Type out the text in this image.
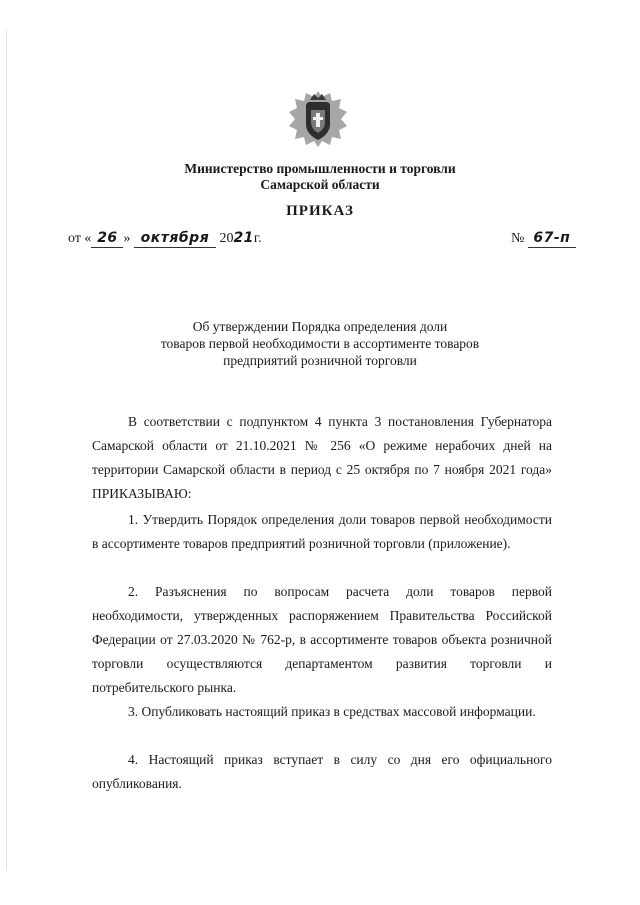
Министерство промышленности и торговли
Самарской области
ПРИКАЗ
от « 26 » октября 2021г.	№ 67-п
Об утверждении Порядка определения доли
товаров первой необходимости в ассортименте товаров
предприятий розничной торговли

В соответствии с подпунктом 4 пункта 3 постановления Губернатора Самарской области от 21.10.2021 № 256 «О режиме нерабочих дней на территории Самарской области в период с 25 октября по 7 ноября 2021 года» ПРИКАЗЫВАЮ:

1. Утвердить Порядок определения доли товаров первой необходимости в ассортименте товаров предприятий розничной торговли (приложение).

2. Разъяснения по вопросам расчета доли товаров первой необходимости, утвержденных распоряжением Правительства Российской Федерации от 27.03.2020 № 762-р, в ассортименте товаров объекта розничной торговли осуществляются департаментом развития торговли и потребительского рынка.

3. Опубликовать настоящий приказ в средствах массовой информации.

4. Настоящий приказ вступает в силу со дня его официального опубликования.
